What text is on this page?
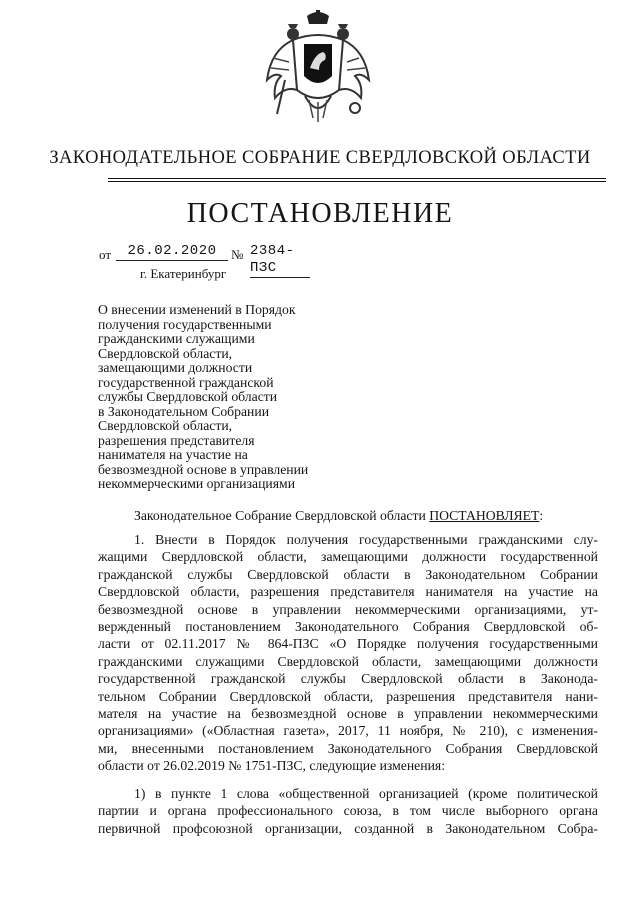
ЗАКОНОДАТЕЛЬНОЕ СОБРАНИЕ СВЕРДЛОВСКОЙ ОБЛАСТИ
ПОСТАНОВЛЕНИЕ
от	26.02.2020	№ 2384-ПЗС
г. Екатеринбург
О внесении изменений в Порядок
получения государственными
гражданскими служащими
Свердловской области,
замещающими должности
государственной гражданской
службы Свердловской области
в Законодательном Собрании
Свердловской области,
разрешения представителя
нанимателя на участие на
безвозмездной основе в управлении
некоммерческими организациями
Законодательное Собрание Свердловской области ПОСТАНОВЛЯЕТ:
1. Внести в Порядок получения государственными гражданскими слу-
жащими Свердловской области, замещающими должности государственной
гражданской службы Свердловской области в Законодательном Собрании
Свердловской области, разрешения представителя нанимателя на участие на
безвозмездной основе в управлении некоммерческими организациями, ут-
вержденный постановлением Законодательного Собрания Свердловской об-
ласти от 02.11.2017 № 864-ПЗС «О Порядке получения государственными
гражданскими служащими Свердловской области, замещающими должности
государственной гражданской службы Свердловской области в Законода-
тельном Собрании Свердловской области, разрешения представителя нани-
мателя на участие на безвозмездной основе в управлении некоммерческими
организациями» («Областная газета», 2017, 11 ноября, № 210), с изменения-
ми, внесенными постановлением Законодательного Собрания Свердловской
области от 26.02.2019 № 1751-ПЗС, следующие изменения:
1) в пункте 1 слова «общественной организацией (кроме политической
партии и органа профессионального союза, в том числе выборного органа
первичной профсоюзной организации, созданной в Законодательном Собра-
